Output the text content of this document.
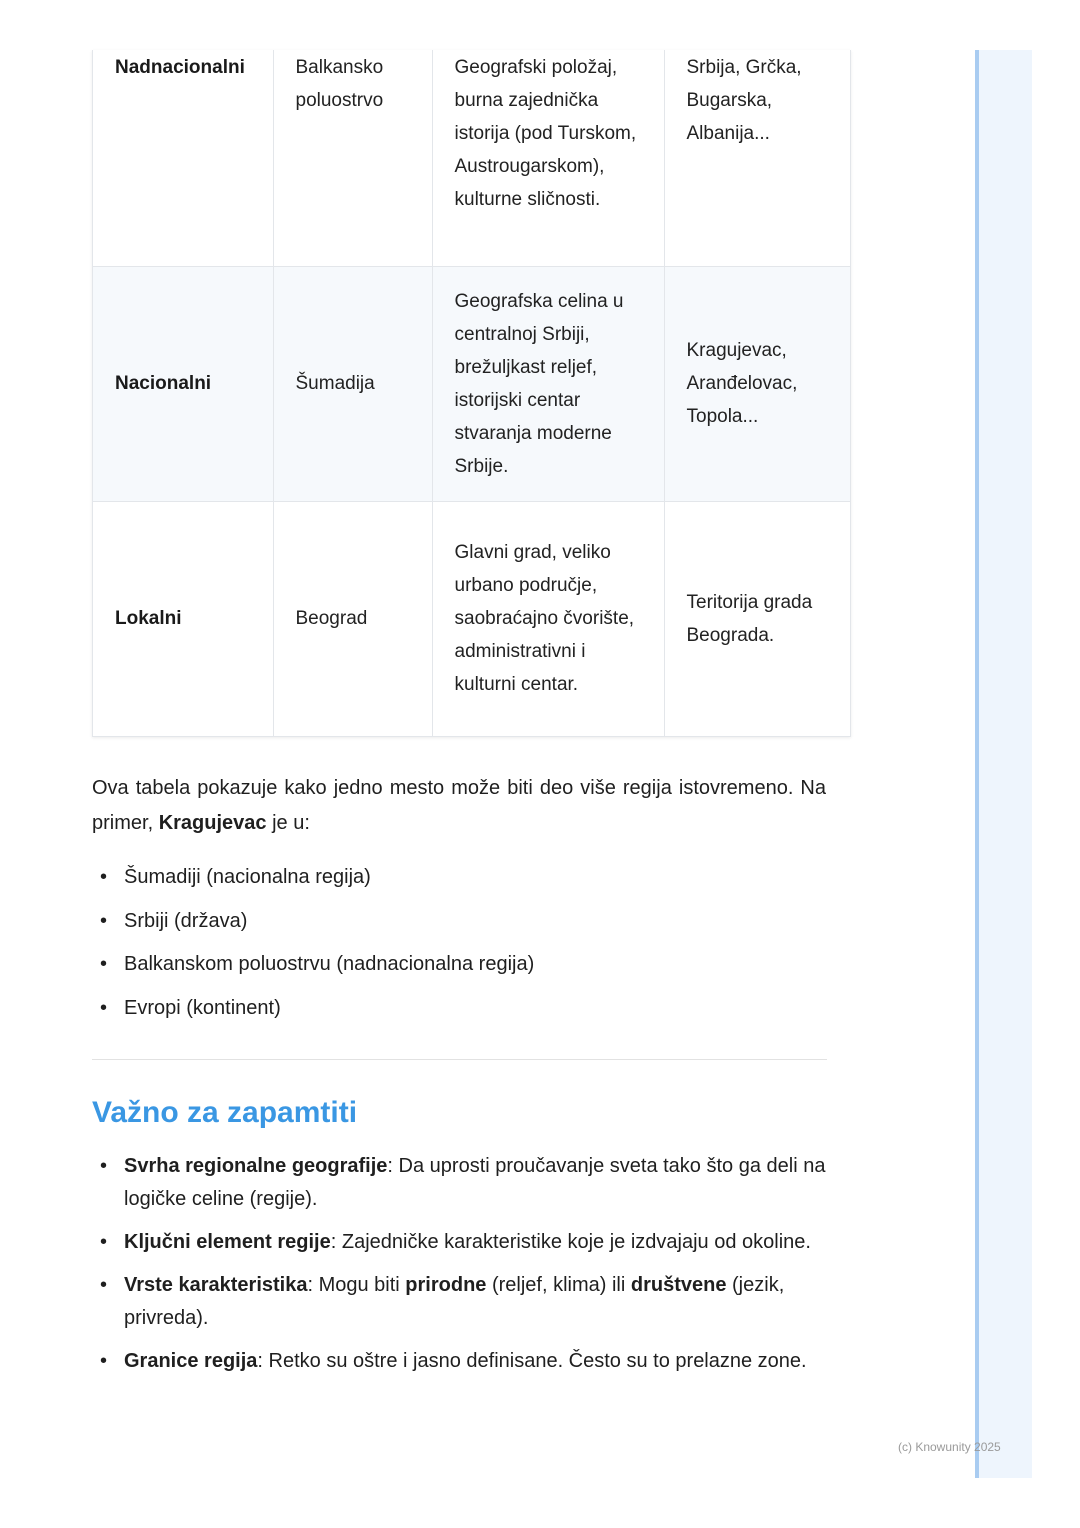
Nadnacionalni	Balkansko poluostrvo	Geografski položaj, burna zajednička istorija (pod Turskom, Austrougarskom), kulturne sličnosti.	Srbija, Grčka, Bugarska, Albanija...
Nacionalni	Šumadija	Geografska celina u centralnoj Srbiji, brežuljkast reljef, istorijski centar stvaranja moderne Srbije.	Kragujevac, Aranđelovac, Topola...
Lokalni	Beograd	Glavni grad, veliko urbano područje, saobraćajno čvorište, administrativni i kulturni centar.	Teritorija grada Beograda.

Ova tabela pokazuje kako jedno mesto može biti deo više regija istovremeno. Na primer, Kragujevac je u:

• Šumadiji (nacionalna regija)
• Srbiji (država)
• Balkanskom poluostrvu (nadnacionalna regija)
• Evropi (kontinent)
Važno za zapamtiti
• Svrha regionalne geografije: Da uprosti proučavanje sveta tako što ga deli na logičke celine (regije).
• Ključni element regije: Zajedničke karakteristike koje je izdvajaju od okoline.
• Vrste karakteristika: Mogu biti prirodne (reljef, klima) ili društvene (jezik, privreda).
• Granice regija: Retko su oštre i jasno definisane. Često su to prelazne zone.
(c) Knowunity 2025
